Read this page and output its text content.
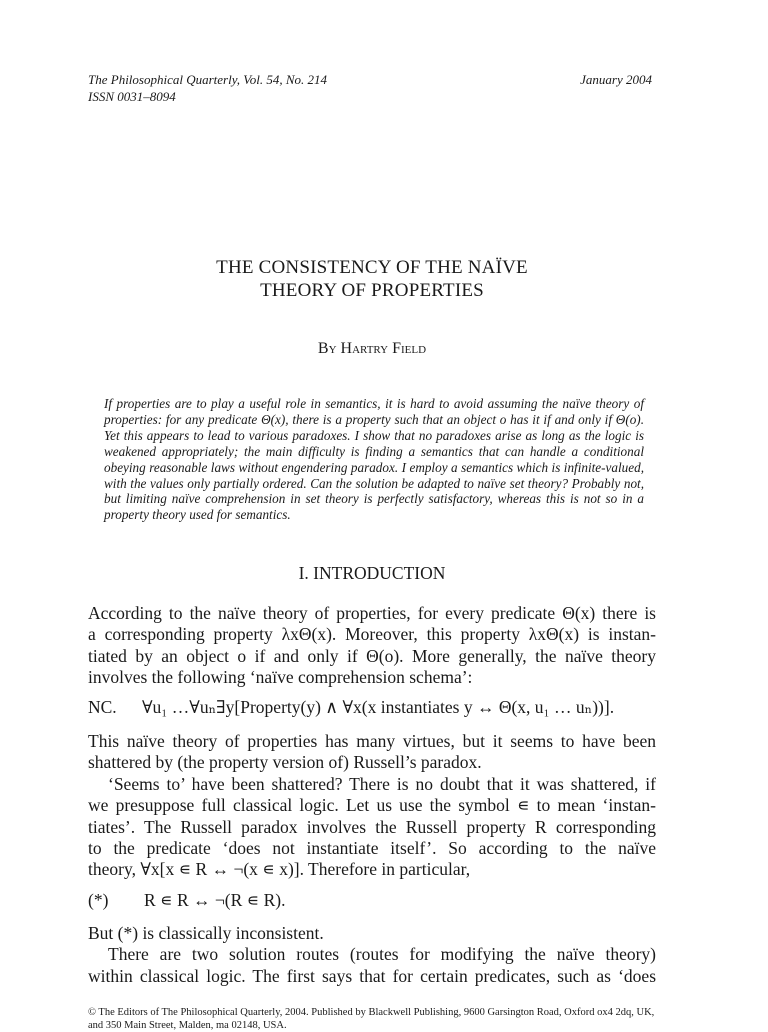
The Philosophical Quarterly, Vol. 54, No. 214
ISSN 0031–8094
January 2004
THE CONSISTENCY OF THE NAÏVE
THEORY OF PROPERTIES
By Hartry Field
If properties are to play a useful role in semantics, it is hard to avoid assuming the naïve theory of
properties: for any predicate Θ(x), there is a property such that an object o has it if and only if Θ(o).
Yet this appears to lead to various paradoxes. I show that no paradoxes arise as long as the logic is
weakened appropriately; the main difficulty is finding a semantics that can handle a conditional
obeying reasonable laws without engendering paradox. I employ a semantics which is infinite-valued,
with the values only partially ordered. Can the solution be adapted to naïve set theory? Probably not,
but limiting naïve comprehension in set theory is perfectly satisfactory, whereas this is not so in a
property theory used for semantics.
I. INTRODUCTION
According to the naïve theory of properties, for every predicate Θ(x) there is
a corresponding property λxΘ(x). Moreover, this property λxΘ(x) is instan-
tiated by an object o if and only if Θ(o). More generally, the naïve theory
involves the following ‘naïve comprehension schema’:
NC. ∀u₁ …∀uₙ∃y[Property(y) ∧ ∀x(x instantiates y ↔ Θ(x, u₁ … uₙ))].
This naïve theory of properties has many virtues, but it seems to have been
shattered by (the property version of) Russell’s paradox.
‘Seems to’ have been shattered? There is no doubt that it was shattered, if
we presuppose full classical logic. Let us use the symbol ∊ to mean ‘instan-
tiates’. The Russell paradox involves the Russell property R corresponding
to the predicate ‘does not instantiate itself’. So according to the naïve
theory, ∀x[x ∊ R ↔ ¬(x ∊ x)]. Therefore in particular,
(*) R ∊ R ↔ ¬(R ∊ R).
But (*) is classically inconsistent.
There are two solution routes (routes for modifying the naïve theory)
within classical logic. The first says that for certain predicates, such as ‘does
© The Editors of The Philosophical Quarterly, 2004. Published by Blackwell Publishing, 9600 Garsington Road, Oxford ox4 2dq, UK,
and 350 Main Street, Malden, ma 02148, USA.
